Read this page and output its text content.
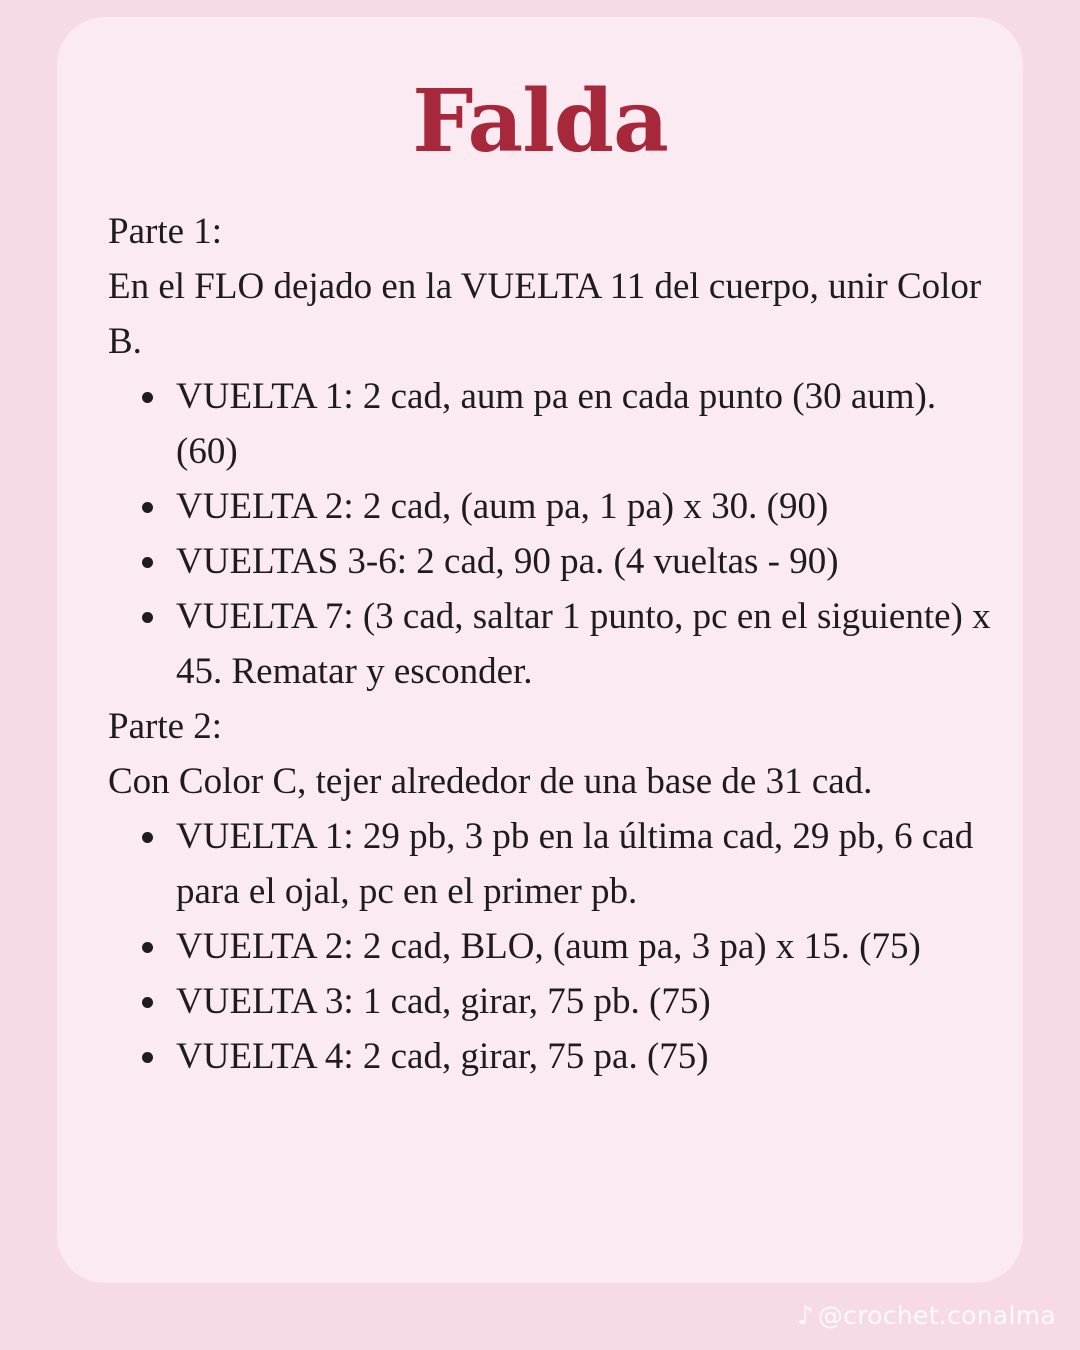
Falda

Parte 1:

En el FLO dejado en la VUELTA 11 del cuerpo, unir Color B.

VUELTA 1: 2 cad, aum pa en cada punto (30 aum). (60)
VUELTA 2: 2 cad, (aum pa, 1 pa) x 30. (90)
VUELTAS 3-6: 2 cad, 90 pa. (4 vueltas - 90)
VUELTA 7: (3 cad, saltar 1 punto, pc en el siguiente) x 45. Rematar y esconder.

Parte 2:

Con Color C, tejer alrededor de una base de 31 cad.

VUELTA 1: 29 pb, 3 pb en la última cad, 29 pb, 6 cad para el ojal, pc en el primer pb.
VUELTA 2: 2 cad, BLO, (aum pa, 3 pa) x 15. (75)
VUELTA 3: 1 cad, girar, 75 pb. (75)
VUELTA 4: 2 cad, girar, 75 pa. (75)
♪ @crochet.conalma
